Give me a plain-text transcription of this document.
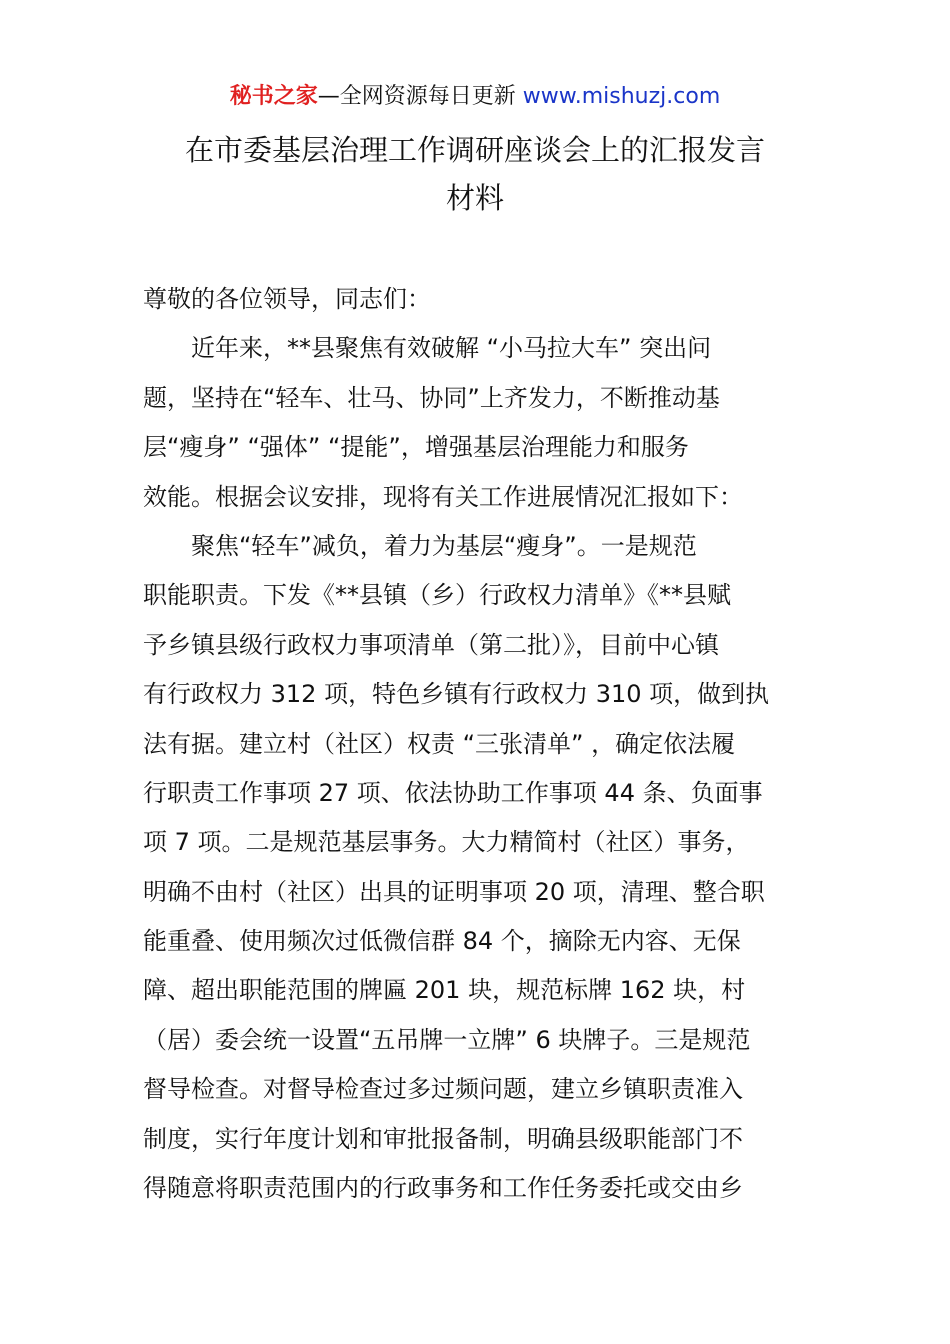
秘书之家—全网资源每日更新 www.mishuzj.com
在市委基层治理工作调研座谈会上的汇报发言
材料
尊敬的各位领导，同志们：
近年来，**县聚焦有效破解 “小马拉大车” 突出问
题，坚持在“轻车、壮马、协同”上齐发力，不断推动基
层“瘦身” “强体” “提能”，增强基层治理能力和服务
效能。根据会议安排，现将有关工作进展情况汇报如下：
聚焦“轻车”减负，着力为基层“瘦身”。一是规范
职能职责。下发《**县镇（乡）行政权力清单》《**县赋
予乡镇县级行政权力事项清单（第二批）》，目前中心镇
有行政权力 312 项，特色乡镇有行政权力 310 项，做到执
法有据。建立村（社区）权责 “三张清单” ，确定依法履
行职责工作事项 27 项、依法协助工作事项 44 条、负面事
项 7 项。二是规范基层事务。大力精简村（社区）事务，
明确不由村（社区）出具的证明事项 20 项，清理、整合职
能重叠、使用频次过低微信群 84 个，摘除无内容、无保
障、超出职能范围的牌匾 201 块，规范标牌 162 块，村
（居）委会统一设置“五吊牌一立牌” 6 块牌子。三是规范
督导检查。对督导检查过多过频问题，建立乡镇职责准入
制度，实行年度计划和审批报备制，明确县级职能部门不
得随意将职责范围内的行政事务和工作任务委托或交由乡
